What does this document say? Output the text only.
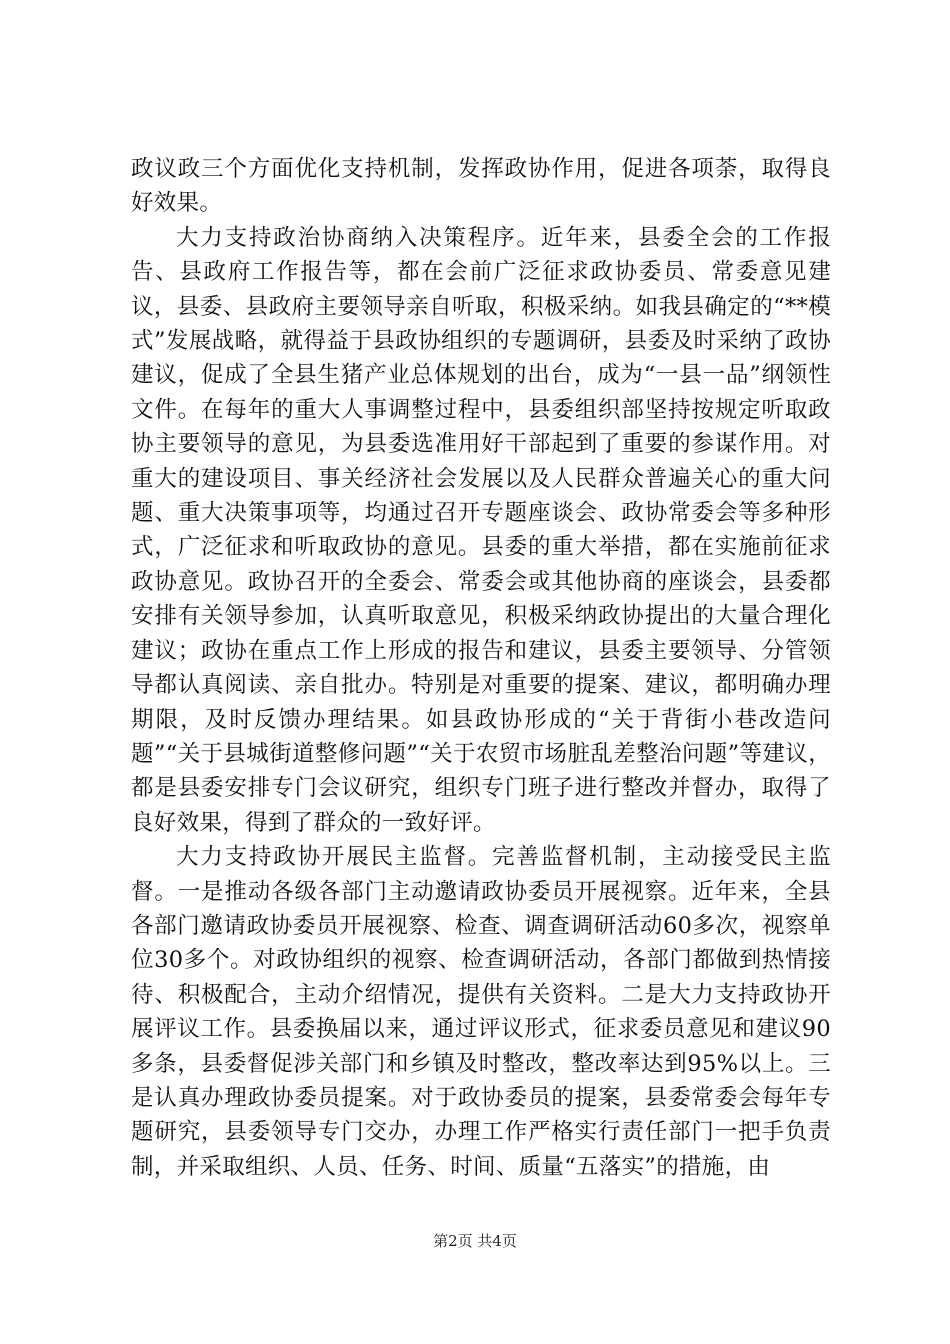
政议政三个方面优化支持机制，发挥政协作用，促进各项荼，取得良好效果。

大力支持政治协商纳入决策程序。近年来，县委全会的工作报告、县政府工作报告等，都在会前广泛征求政协委员、常委意见建议，县委、县政府主要领导亲自听取，积极采纳。如我县确定的“**模式”发展战略，就得益于县政协组织的专题调研，县委及时采纳了政协建议，促成了全县生猪产业总体规划的出台，成为“一县一品”纲领性文件。在每年的重大人事调整过程中，县委组织部坚持按规定听取政协主要领导的意见，为县委选准用好干部起到了重要的参谋作用。对重大的建设项目、事关经济社会发展以及人民群众普遍关心的重大问题、重大决策事项等，均通过召开专题座谈会、政协常委会等多种形式，广泛征求和听取政协的意见。县委的重大举措，都在实施前征求政协意见。政协召开的全委会、常委会或其他协商的座谈会，县委都安排有关领导参加，认真听取意见，积极采纳政协提出的大量合理化建议；政协在重点工作上形成的报告和建议，县委主要领导、分管领导都认真阅读、亲自批办。特别是对重要的提案、建议，都明确办理期限，及时反馈办理结果。如县政协形成的“关于背街小巷改造问题”“关于县城街道整修问题”“关于农贸市场脏乱差整治问题”等建议，都是县委安排专门会议研究，组织专门班子进行整改并督办，取得了良好效果，得到了群众的一致好评。

大力支持政协开展民主监督。完善监督机制，主动接受民主监督。一是推动各级各部门主动邀请政协委员开展视察。近年来，全县各部门邀请政协委员开展视察、检查、调查调研活动60多次，视察单位30多个。对政协组织的视察、检查调研活动，各部门都做到热情接待、积极配合，主动介绍情况，提供有关资料。二是大力支持政协开展评议工作。县委换届以来，通过评议形式，征求委员意见和建议90多条，县委督促涉关部门和乡镇及时整改，整改率达到95%以上。三是认真办理政协委员提案。对于政协委员的提案，县委常委会每年专题研究，县委领导专门交办，办理工作严格实行责任部门一把手负责制，并采取组织、人员、任务、时间、质量“五落实”的措施，由

第2页 共4页
